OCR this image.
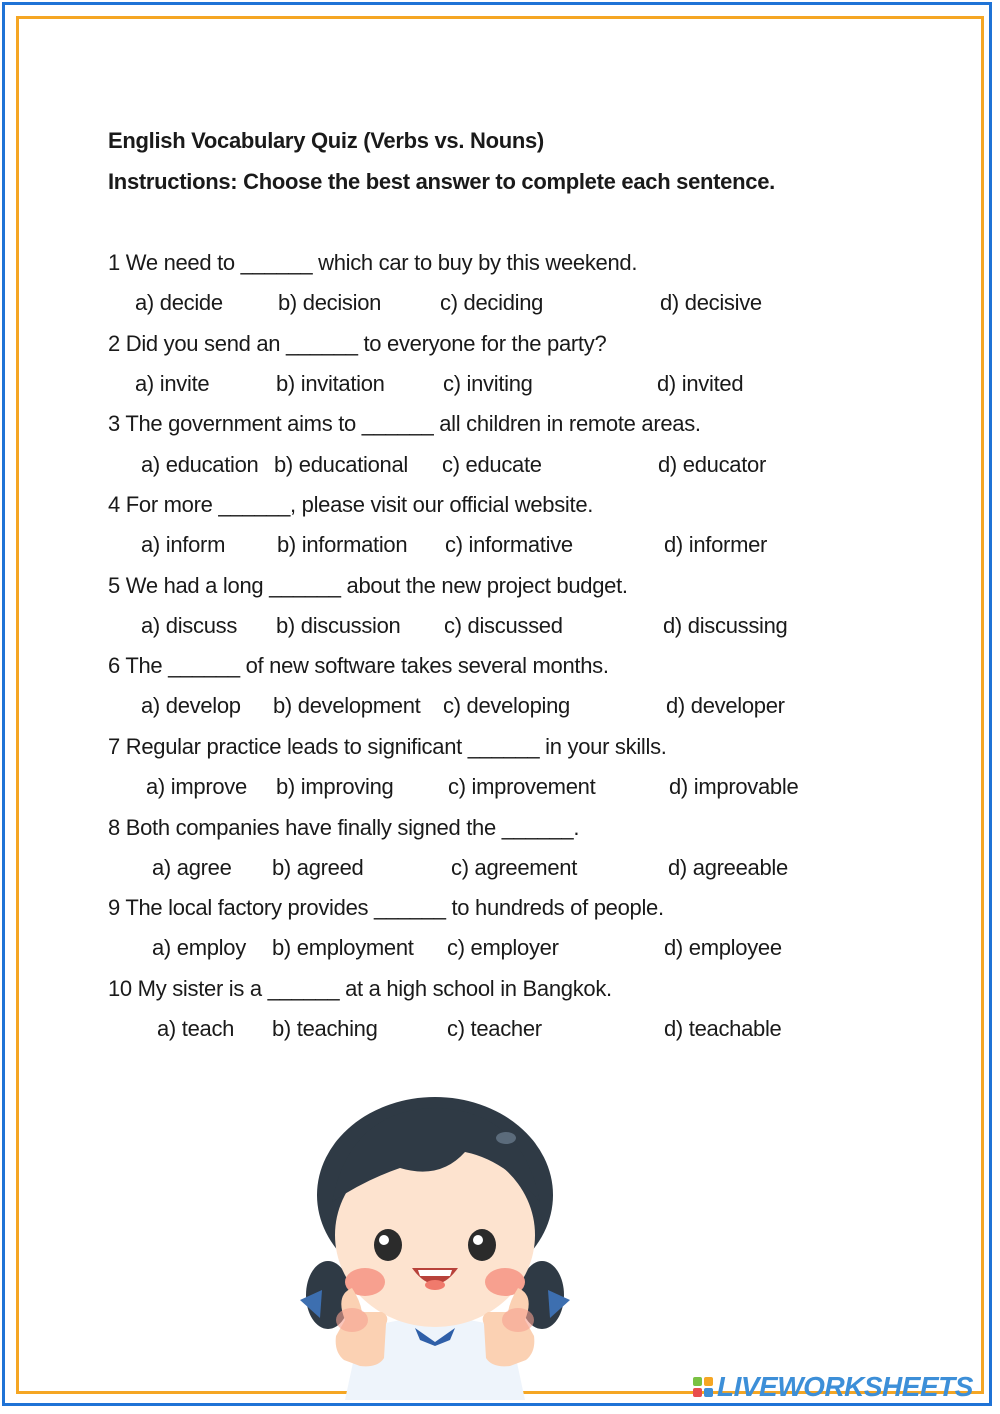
English Vocabulary Quiz (Verbs vs. Nouns)
Instructions: Choose the best answer to complete each sentence.
1 We need to ______ which car to buy by this weekend.
a) decide	b) decision	c) deciding	d) decisive
2 Did you send an ______ to everyone for the party?
a) invite	b) invitation	c) inviting	d) invited
3 The government aims to ______ all children in remote areas.
a) education b) educational c) educate	d) educator
4 For more ______, please visit our official website.
a) inform b) information c) informative	d) informer
5 We had a long ______ about the new project budget.
a) discuss b) discussion c) discussed	d) discussing
6 The ______ of new software takes several months.
a) develop b) development c) developing	d) developer
7 Regular practice leads to significant ______ in your skills.
a) improve b) improving c) improvement	d) improvable
8 Both companies have finally signed the ______.
a) agree b) agreed	c) agreement	d) agreeable
9 The local factory provides ______ to hundreds of people.
a) employ b) employment c) employer	d) employee
10 My sister is a ______ at a high school in Bangkok.
a) teach b) teaching	c) teacher	d) teachable
LIVEWORKSHEETS
